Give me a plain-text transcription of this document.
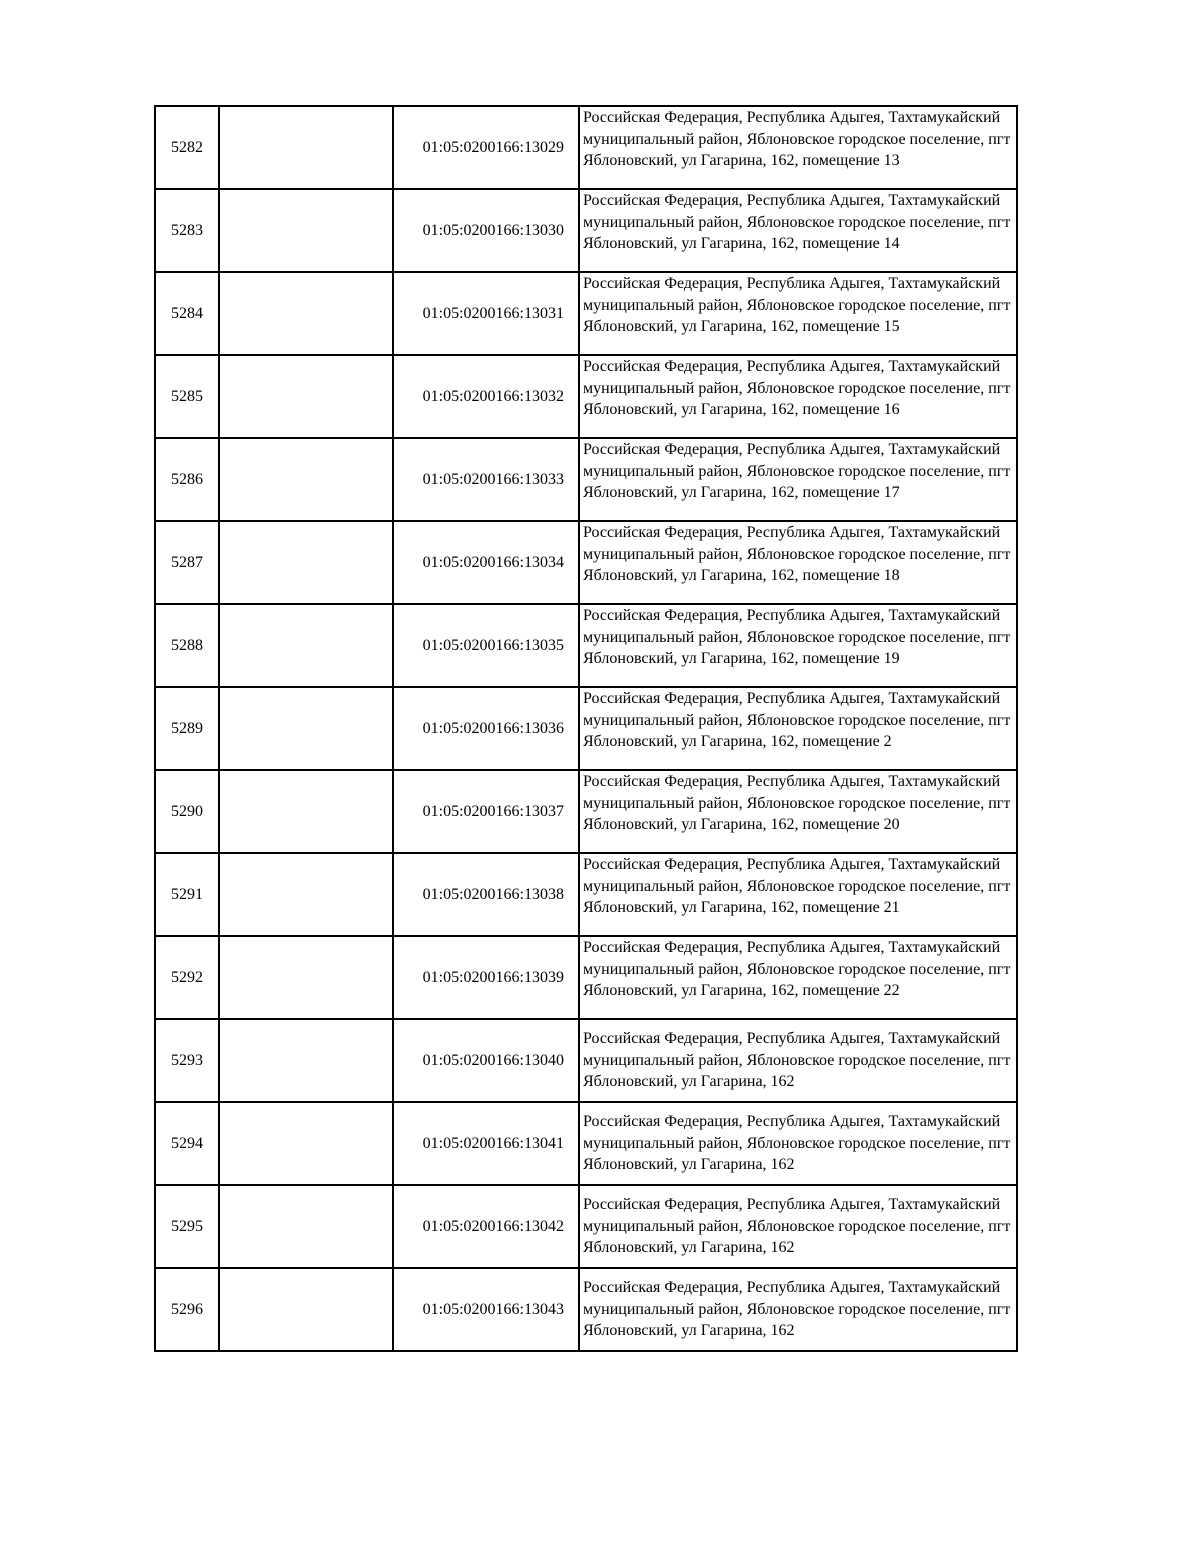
5282		01:05:0200166:13029	Российская Федерация, Республика Адыгея, Тахтамукайский муниципальный район, Яблоновское городское поселение, пгт Яблоновский, ул Гагарина, 162, помещение 13
5283		01:05:0200166:13030	Российская Федерация, Республика Адыгея, Тахтамукайский муниципальный район, Яблоновское городское поселение, пгт Яблоновский, ул Гагарина, 162, помещение 14
5284		01:05:0200166:13031	Российская Федерация, Республика Адыгея, Тахтамукайский муниципальный район, Яблоновское городское поселение, пгт Яблоновский, ул Гагарина, 162, помещение 15
5285		01:05:0200166:13032	Российская Федерация, Республика Адыгея, Тахтамукайский муниципальный район, Яблоновское городское поселение, пгт Яблоновский, ул Гагарина, 162, помещение 16
5286		01:05:0200166:13033	Российская Федерация, Республика Адыгея, Тахтамукайский муниципальный район, Яблоновское городское поселение, пгт Яблоновский, ул Гагарина, 162, помещение 17
5287		01:05:0200166:13034	Российская Федерация, Республика Адыгея, Тахтамукайский муниципальный район, Яблоновское городское поселение, пгт Яблоновский, ул Гагарина, 162, помещение 18
5288		01:05:0200166:13035	Российская Федерация, Республика Адыгея, Тахтамукайский муниципальный район, Яблоновское городское поселение, пгт Яблоновский, ул Гагарина, 162, помещение 19
5289		01:05:0200166:13036	Российская Федерация, Республика Адыгея, Тахтамукайский муниципальный район, Яблоновское городское поселение, пгт Яблоновский, ул Гагарина, 162, помещение 2
5290		01:05:0200166:13037	Российская Федерация, Республика Адыгея, Тахтамукайский муниципальный район, Яблоновское городское поселение, пгт Яблоновский, ул Гагарина, 162, помещение 20
5291		01:05:0200166:13038	Российская Федерация, Республика Адыгея, Тахтамукайский муниципальный район, Яблоновское городское поселение, пгт Яблоновский, ул Гагарина, 162, помещение 21
5292		01:05:0200166:13039	Российская Федерация, Республика Адыгея, Тахтамукайский муниципальный район, Яблоновское городское поселение, пгт Яблоновский, ул Гагарина, 162, помещение 22
5293		01:05:0200166:13040	Российская Федерация, Республика Адыгея, Тахтамукайский муниципальный район, Яблоновское городское поселение, пгт Яблоновский, ул Гагарина, 162
5294		01:05:0200166:13041	Российская Федерация, Республика Адыгея, Тахтамукайский муниципальный район, Яблоновское городское поселение, пгт Яблоновский, ул Гагарина, 162
5295		01:05:0200166:13042	Российская Федерация, Республика Адыгея, Тахтамукайский муниципальный район, Яблоновское городское поселение, пгт Яблоновский, ул Гагарина, 162
5296		01:05:0200166:13043	Российская Федерация, Республика Адыгея, Тахтамукайский муниципальный район, Яблоновское городское поселение, пгт Яблоновский, ул Гагарина, 162
